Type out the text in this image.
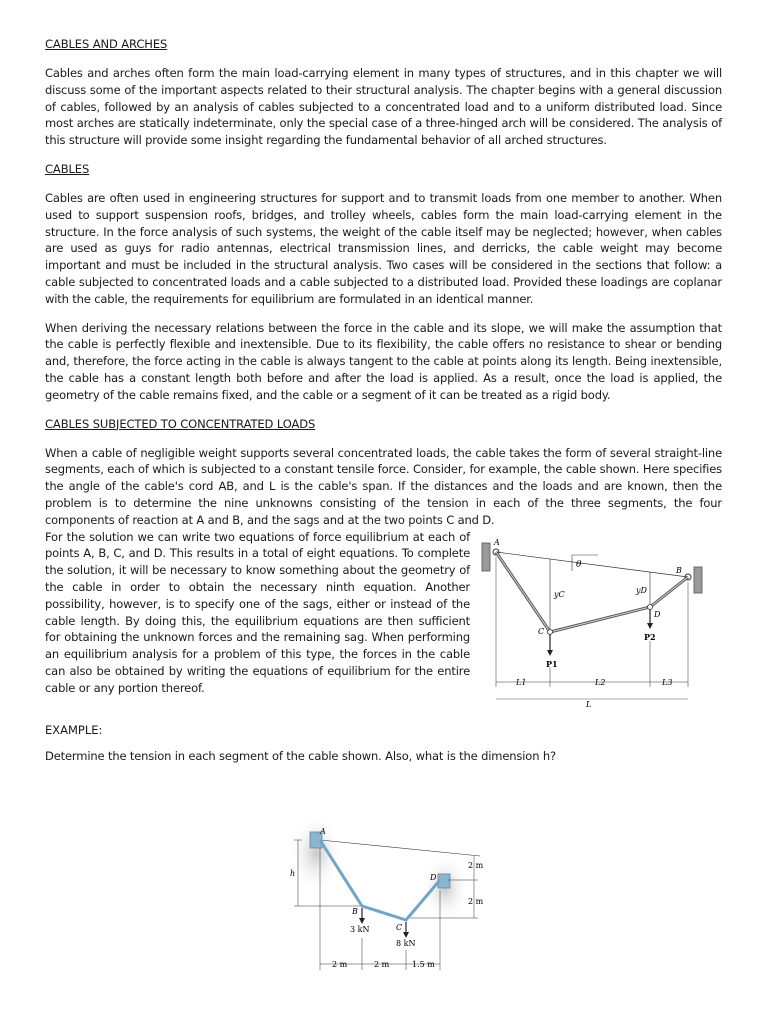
CABLES AND ARCHES

Cables and arches often form the main load-carrying element in many types of structures, and in this chapter we will discuss some of the important aspects related to their structural analysis. The chapter begins with a general discussion of cables, followed by an analysis of cables subjected to a concentrated load and to a uniform distributed load. Since most arches are statically indeterminate, only the special case of a three-hinged arch will be considered. The analysis of this structure will provide some insight regarding the fundamental behavior of all arched structures.

CABLES

Cables are often used in engineering structures for support and to transmit loads from one member to another. When used to support suspension roofs, bridges, and trolley wheels, cables form the main load-carrying element in the structure. In the force analysis of such systems, the weight of the cable itself may be neglected; however, when cables are used as guys for radio antennas, electrical transmission lines, and derricks, the cable weight may become important and must be included in the structural analysis. Two cases will be considered in the sections that follow: a cable subjected to concentrated loads and a cable subjected to a distributed load. Provided these loadings are coplanar with the cable, the requirements for equilibrium are formulated in an identical manner.

When deriving the necessary relations between the force in the cable and its slope, we will make the assumption that the cable is perfectly flexible and inextensible. Due to its flexibility, the cable offers no resistance to shear or bending and, therefore, the force acting in the cable is always tangent to the cable at points along its length. Being inextensible, the cable has a constant length both before and after the load is applied. As a result, once the load is applied, the geometry of the cable remains fixed, and the cable or a segment of it can be treated as a rigid body.

CABLES SUBJECTED TO CONCENTRATED LOADS

When a cable of negligible weight supports several concentrated loads, the cable takes the form of several straight-line segments, each of which is subjected to a constant tensile force. Consider, for example, the cable shown. Here specifies the angle of the cable's cord AB, and L is the cable's span. If the distances and the loads and are known, then the problem is to determine the nine unknowns consisting of the tension in each of the three segments, the four components of reaction at A and B, and the sags and at the two points C and D.

For the solution we can write two equations of force equilibrium at each of points A, B, C, and D. This results in a total of eight equations. To complete the solution, it will be necessary to know something about the geometry of the cable in order to obtain the necessary ninth equation. Another possibility, however, is to specify one of the sags, either or instead of the cable length. By doing this, the equilibrium equations are then sufficient for obtaining the unknown forces and the remaining sag. When performing an equilibrium analysis for a problem of this type, the forces in the cable can also be obtained by writing the equations of equilibrium for the entire cable or any portion thereof.

θ
yC	yD
A
B
C
D
P1
P2
L1	L2	L3
L
EXAMPLE:

Determine the tension in each segment of the cable shown. Also, what is the dimension h?

A
B
C
D
h
2 m
2 m
3 kN
8 kN
2 m	2 m	1.5 m
